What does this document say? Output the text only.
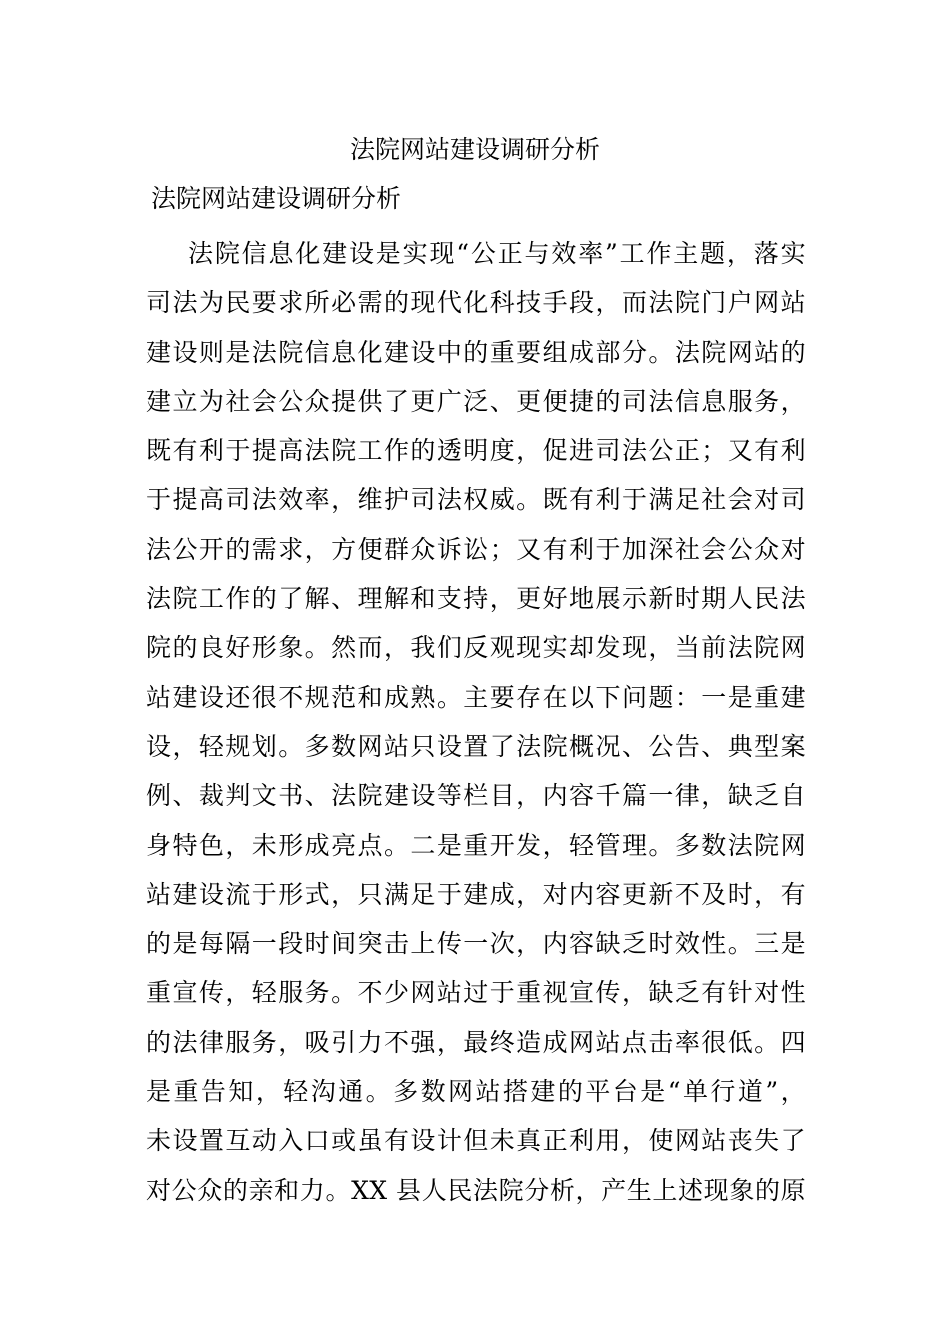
法院网站建设调研分析
法院网站建设调研分析
法院信息化建设是实现“公正与效率”工作主题，落实
司法为民要求所必需的现代化科技手段，而法院门户网站
建设则是法院信息化建设中的重要组成部分。法院网站的
建立为社会公众提供了更广泛、更便捷的司法信息服务，
既有利于提高法院工作的透明度，促进司法公正；又有利
于提高司法效率，维护司法权威。既有利于满足社会对司
法公开的需求，方便群众诉讼；又有利于加深社会公众对
法院工作的了解、理解和支持，更好地展示新时期人民法
院的良好形象。然而，我们反观现实却发现，当前法院网
站建设还很不规范和成熟。主要存在以下问题：一是重建
设，轻规划。多数网站只设置了法院概况、公告、典型案
例、裁判文书、法院建设等栏目，内容千篇一律，缺乏自
身特色，未形成亮点。二是重开发，轻管理。多数法院网
站建设流于形式，只满足于建成，对内容更新不及时，有
的是每隔一段时间突击上传一次，内容缺乏时效性。三是
重宣传，轻服务。不少网站过于重视宣传，缺乏有针对性
的法律服务，吸引力不强，最终造成网站点击率很低。四
是重告知，轻沟通。多数网站搭建的平台是“单行道”，
未设置互动入口或虽有设计但未真正利用，使网站丧失了
对公众的亲和力。XX 县人民法院分析，产生上述现象的原
